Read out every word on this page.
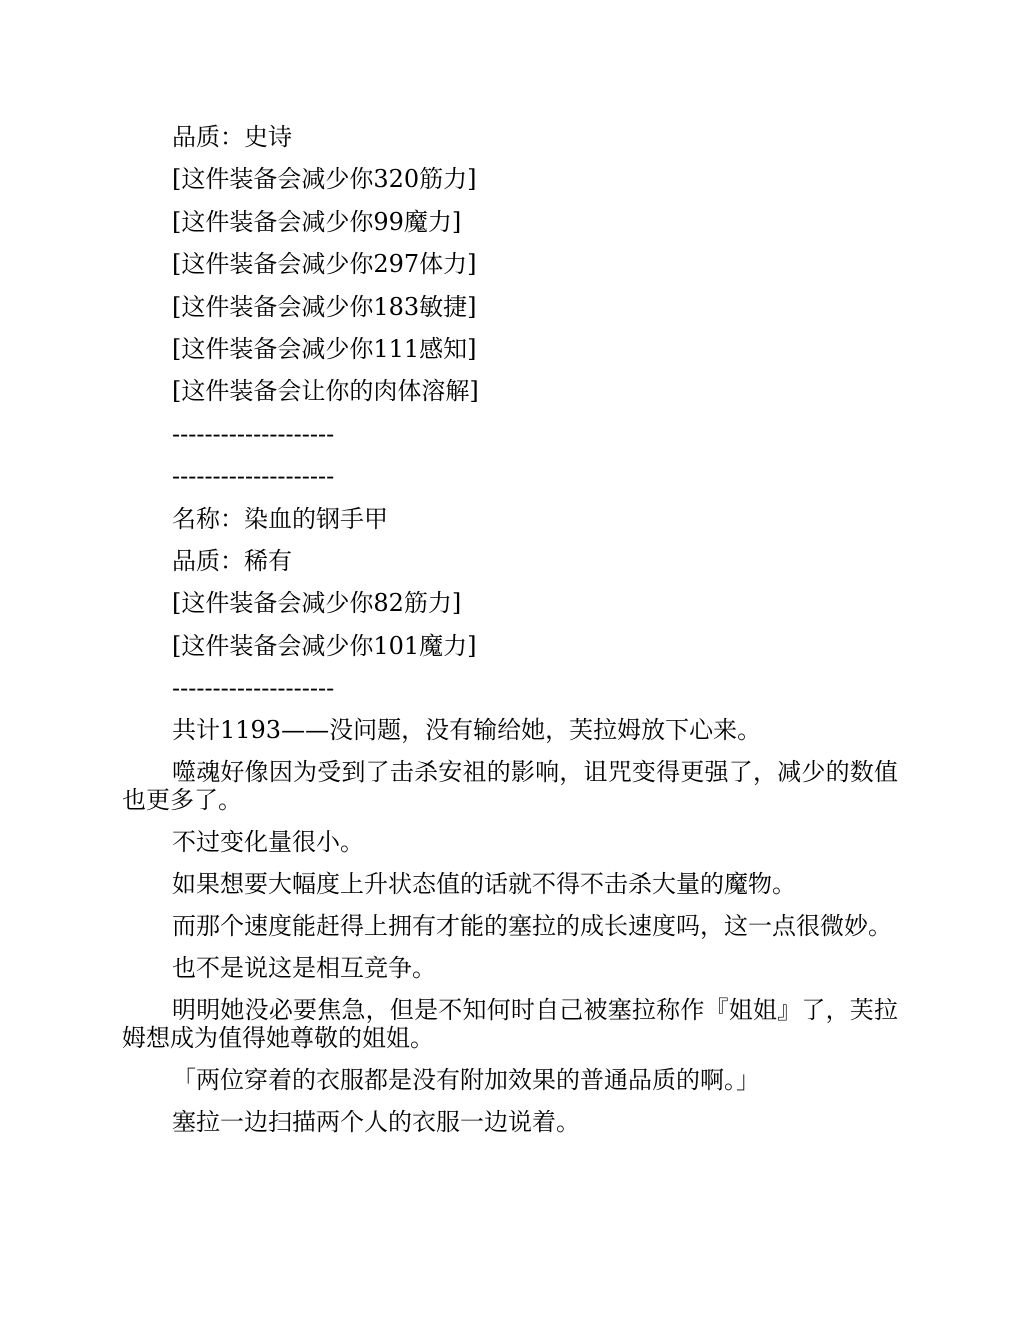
品质：史诗
[这件装备会减少你320筋力]
[这件装备会减少你99魔力]
[这件装备会减少你297体力]
[这件装备会减少你183敏捷]
[这件装备会减少你111感知]
[这件装备会让你的肉体溶解]
--------------------
--------------------
名称：染血的钢手甲
品质：稀有
[这件装备会减少你82筋力]
[这件装备会减少你101魔力]
--------------------

共计1193——没问题，没有输给她，芙拉姆放下心来。

噬魂好像因为受到了击杀安祖的影响，诅咒变得更强了，减少的数值也更多了。

不过变化量很小。

如果想要大幅度上升状态值的话就不得不击杀大量的魔物。

而那个速度能赶得上拥有才能的塞拉的成长速度吗，这一点很微妙。

也不是说这是相互竞争。

明明她没必要焦急，但是不知何时自己被塞拉称作『姐姐』了，芙拉姆想成为值得她尊敬的姐姐。

「两位穿着的衣服都是没有附加效果的普通品质的啊。」

塞拉一边扫描两个人的衣服一边说着。
